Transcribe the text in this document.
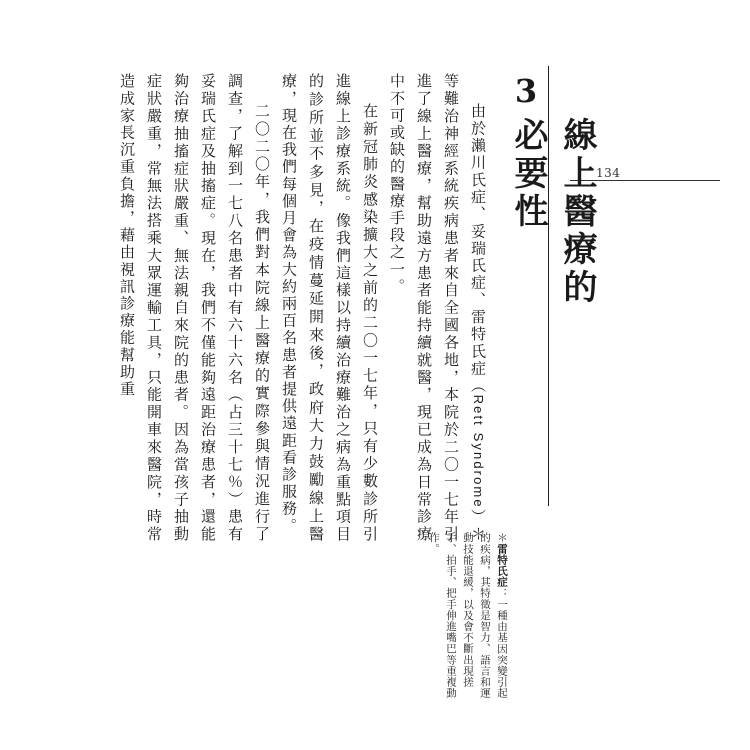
134
3
線上醫療的必要性

由於瀨川氏症、妥瑞氏症、雷特氏症（Rett Syndrome）＊等難治神經系統疾病患者來自全國各地，本院於二〇一七年引進了線上醫療，幫助遠方患者能持續就醫，現已成為日常診療中不可或缺的醫療手段之一。

在新冠肺炎感染擴大之前的二〇一七年，只有少數診所引進線上診療系統。像我們這樣以持續治療難治之病為重點項目的診所並不多見，在疫情蔓延開來後，政府大力鼓勵線上醫療，現在我們每個月會為大約兩百名患者提供遠距看診服務。

二〇二〇年，我們對本院線上醫療的實際參與情況進行了調查，了解到一七八名患者中有六十六名（占三十七％）患有妥瑞氏症及抽搐症。現在，我們不僅能夠遠距治療患者，還能夠治療抽搐症狀嚴重、無法親自來院的患者。因為當孩子抽動症狀嚴重，常無法搭乘大眾運輸工具，只能開車來醫院，時常造成家長沉重負擔，藉由視訊診療能幫助重

＊雷特氏症：一種由基因突變引起的疾病，其特徵是智力、語言和運動技能退緩，以及會不斷出現搓手、拍手、把手伸進嘴巴等重複動作。
